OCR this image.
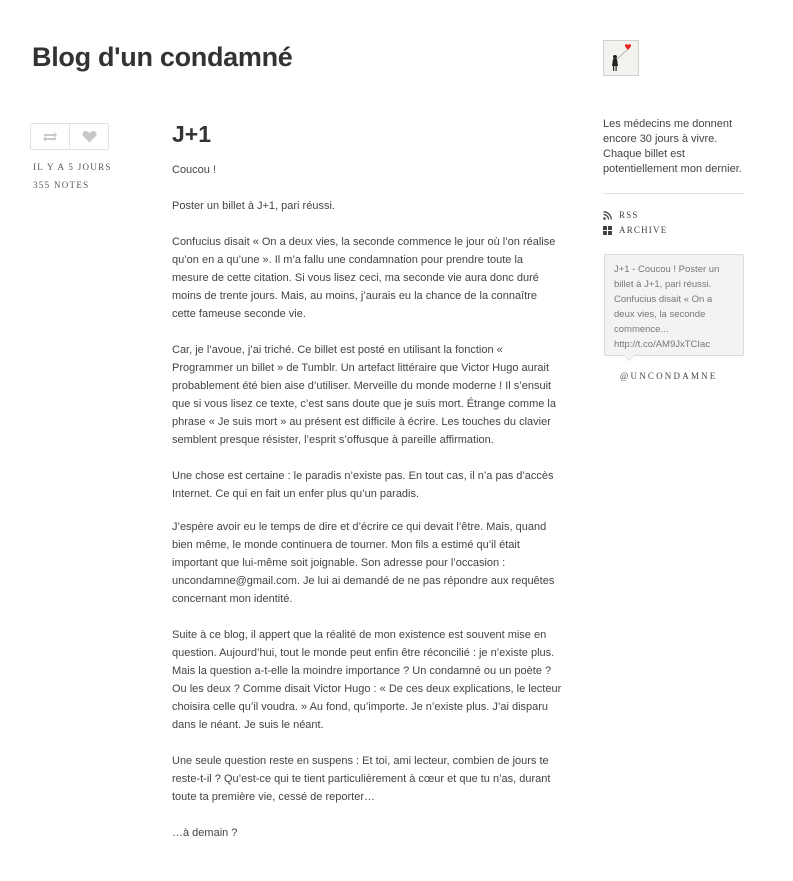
Blog d'un condamné
IL Y A 5 JOURS
355 NOTES
J+1

Coucou !

Poster un billet à J+1, pari réussi.

Confucius disait « On a deux vies, la seconde commence le jour où l’on réalise qu’on en a qu’une ». Il m’a fallu une condamnation pour prendre toute la mesure de cette citation. Si vous lisez ceci, ma seconde vie aura donc duré moins de trente jours. Mais, au moins, j’aurais eu la chance de la connaître cette fameuse seconde vie.

Car, je l’avoue, j’ai triché. Ce billet est posté en utilisant la fonction « Programmer un billet » de Tumblr. Un artefact littéraire que Victor Hugo aurait probablement été bien aise d’utiliser. Merveille du monde moderne ! Il s’ensuit que si vous lisez ce texte, c’est sans doute que je suis mort. Étrange comme la phrase « Je suis mort » au présent est difficile à écrire. Les touches du clavier semblent presque résister, l’esprit s’offusque à pareille affirmation.

Une chose est certaine : le paradis n’existe pas. En tout cas, il n’a pas d’accès Internet. Ce qui en fait un enfer plus qu’un paradis.

J’espère avoir eu le temps de dire et d’écrire ce qui devait l’être. Mais, quand bien même, le monde continuera de tourner. Mon fils a estimé qu’il était important que lui-même soit joignable. Son adresse pour l’occasion : uncondamne@gmail.com. Je lui ai demandé de ne pas répondre aux requêtes concernant mon identité.

Suite à ce blog, il appert que la réalité de mon existence est souvent mise en question. Aujourd’hui, tout le monde peut enfin être réconcilié : je n’existe plus. Mais la question a-t-elle la moindre importance ? Un condamné ou un poète ? Ou les deux ? Comme disait Victor Hugo : « De ces deux explications, le lecteur choisira celle qu’il voudra. » Au fond, qu’importe. Je n’existe plus. J’ai disparu dans le néant. Je suis le néant.

Une seule question reste en suspens : Et toi, ami lecteur, combien de jours te reste-t-il ? Qu’est-ce qui te tient particulièrement à cœur et que tu n’as, durant toute ta première vie, cessé de reporter…

…à demain ?

Les médecins me donnent encore 30 jours à vivre. Chaque billet est potentiellement mon dernier.
RSS
ARCHIVE
J+1 - Coucou ! Poster un billet à J+1, pari réussi. Confucius disait « On a deux vies, la seconde commence... http://t.co/AM9JxTCIac
@UNCONDAMNE
